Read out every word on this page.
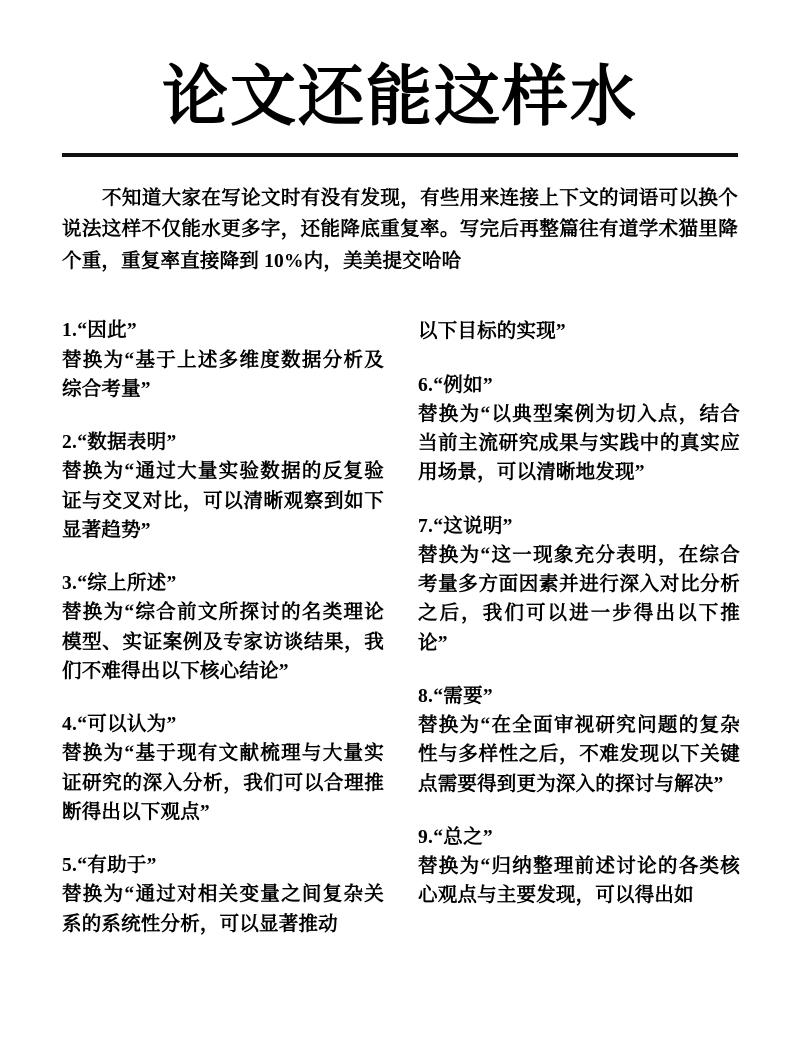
论文还能这样水

不知道大家在写论文时有没有发现，有些用来连接上下文的词语可以换个说法这样不仅能水更多字，还能降底重复率。写完后再整篇往有道学术猫里降个重，重复率直接降到 10%内，美美提交哈哈

1.“因此”
替换为“基于上述多维度数据分析及综合考量”
2.“数据表明”
替换为“通过大量实验数据的反复验证与交叉对比，可以清晰观察到如下显著趋势”
3.“综上所述”
替换为“综合前文所探讨的名类理论模型、实证案例及专家访谈结果，我们不难得出以下核心结论”
4.“可以认为”
替换为“基于现有文献梳理与大量实证研究的深入分析，我们可以合理推断得出以下观点”
5.“有助于”
替换为“通过对相关变量之间复杂关系的系统性分析，可以显著推动
以下目标的实现”
6.“例如”
替换为“以典型案例为切入点，结合当前主流研究成果与实践中的真实应用场景，可以清晰地发现”
7.“这说明”
替换为“这一现象充分表明，在综合考量多方面因素并进行深入对比分析之后，我们可以进一步得出以下推论”
8.“需要”
替换为“在全面审视研究问题的复杂性与多样性之后，不难发现以下关键点需要得到更为深入的探讨与解决”
9.“总之”
替换为“归纳整理前述讨论的各类核心观点与主要发现，可以得出如
